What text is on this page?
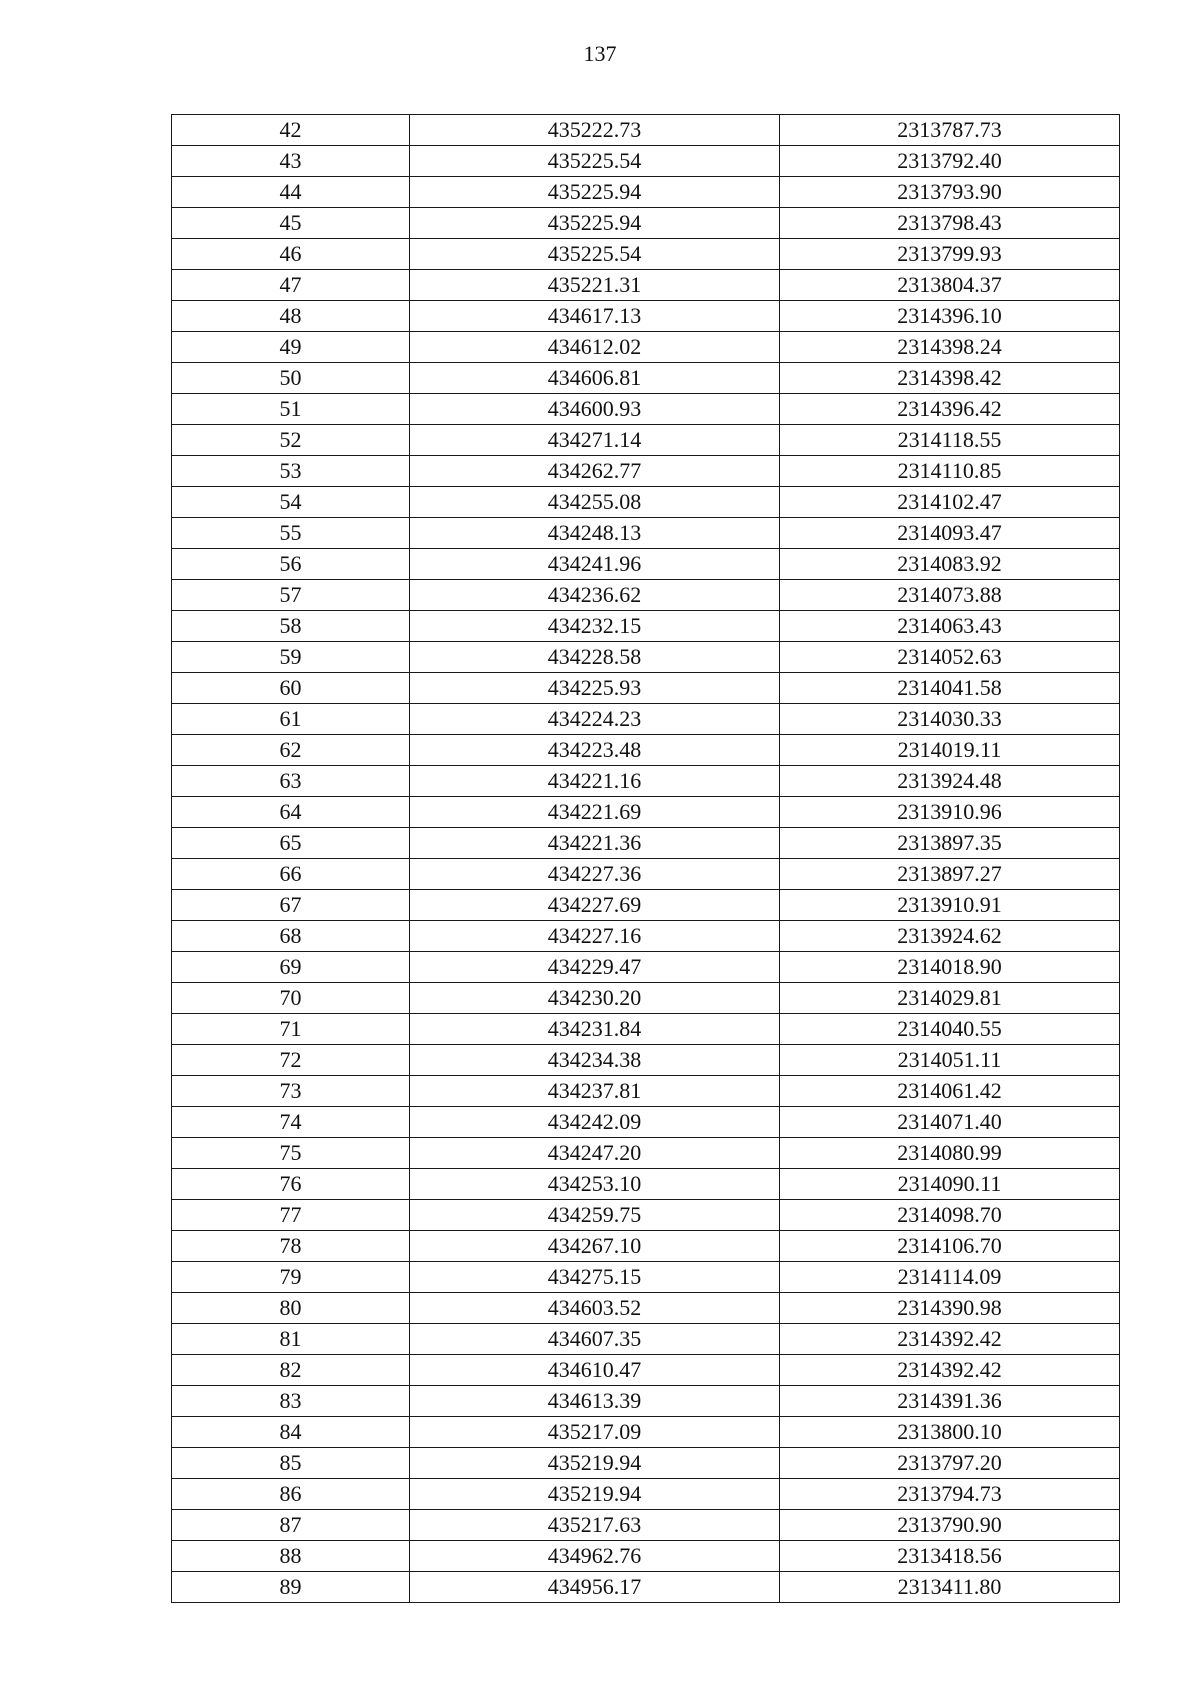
137
42	435222.73	2313787.73
43	435225.54	2313792.40
44	435225.94	2313793.90
45	435225.94	2313798.43
46	435225.54	2313799.93
47	435221.31	2313804.37
48	434617.13	2314396.10
49	434612.02	2314398.24
50	434606.81	2314398.42
51	434600.93	2314396.42
52	434271.14	2314118.55
53	434262.77	2314110.85
54	434255.08	2314102.47
55	434248.13	2314093.47
56	434241.96	2314083.92
57	434236.62	2314073.88
58	434232.15	2314063.43
59	434228.58	2314052.63
60	434225.93	2314041.58
61	434224.23	2314030.33
62	434223.48	2314019.11
63	434221.16	2313924.48
64	434221.69	2313910.96
65	434221.36	2313897.35
66	434227.36	2313897.27
67	434227.69	2313910.91
68	434227.16	2313924.62
69	434229.47	2314018.90
70	434230.20	2314029.81
71	434231.84	2314040.55
72	434234.38	2314051.11
73	434237.81	2314061.42
74	434242.09	2314071.40
75	434247.20	2314080.99
76	434253.10	2314090.11
77	434259.75	2314098.70
78	434267.10	2314106.70
79	434275.15	2314114.09
80	434603.52	2314390.98
81	434607.35	2314392.42
82	434610.47	2314392.42
83	434613.39	2314391.36
84	435217.09	2313800.10
85	435219.94	2313797.20
86	435219.94	2313794.73
87	435217.63	2313790.90
88	434962.76	2313418.56
89	434956.17	2313411.80
